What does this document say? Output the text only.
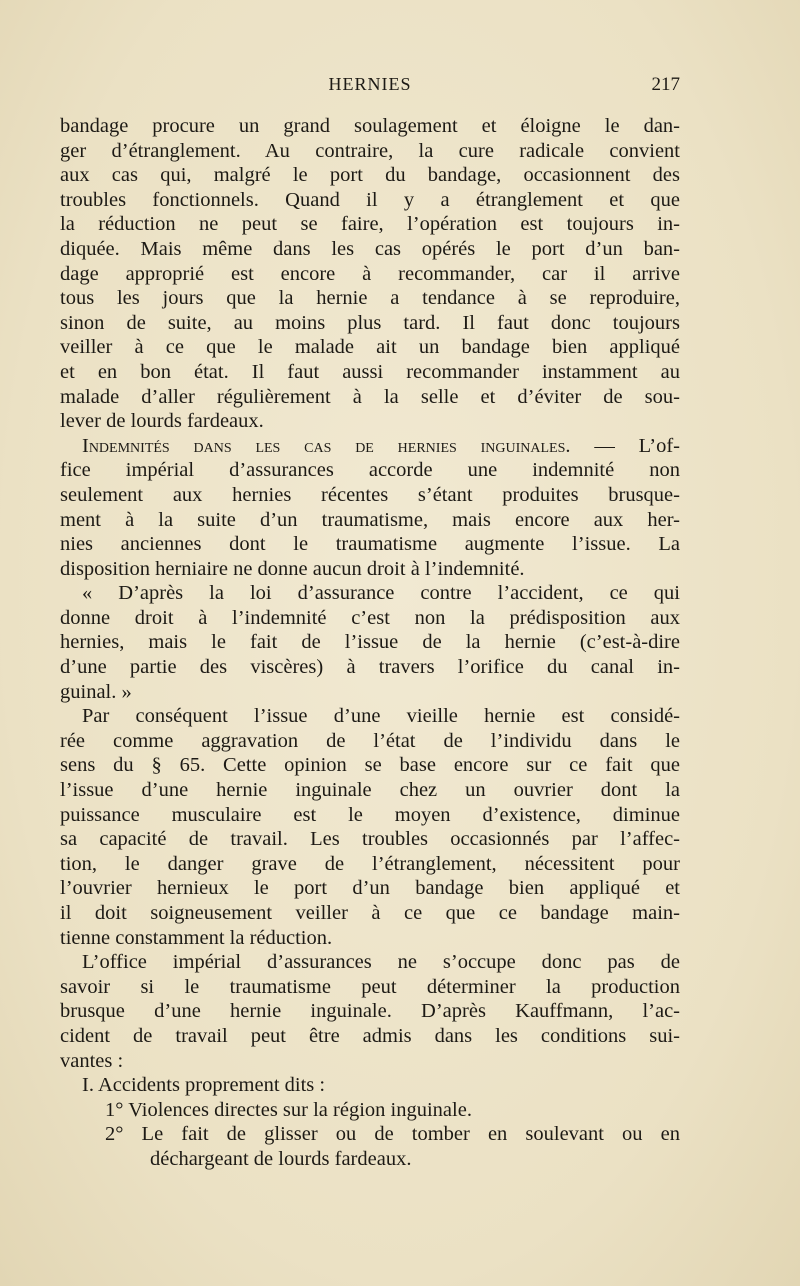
HERNIES	217
bandage procure un grand soulagement et éloigne le dan-
ger d’étranglement. Au contraire, la cure radicale convient
aux cas qui, malgré le port du bandage, occasionnent des
troubles fonctionnels. Quand il y a étranglement et que
la réduction ne peut se faire, l’opération est toujours in-
diquée. Mais même dans les cas opérés le port d’un ban-
dage approprié est encore à recommander, car il arrive
tous les jours que la hernie a tendance à se reproduire,
sinon de suite, au moins plus tard. Il faut donc toujours
veiller à ce que le malade ait un bandage bien appliqué
et en bon état. Il faut aussi recommander instamment au
malade d’aller régulièrement à la selle et d’éviter de sou-
lever de lourds fardeaux.
Indemnités dans les cas de hernies inguinales. — L’of-
fice impérial d’assurances accorde une indemnité non
seulement aux hernies récentes s’étant produites brusque-
ment à la suite d’un traumatisme, mais encore aux her-
nies anciennes dont le traumatisme augmente l’issue. La
disposition herniaire ne donne aucun droit à l’indemnité.
« D’après la loi d’assurance contre l’accident, ce qui
donne droit à l’indemnité c’est non la prédisposition aux
hernies, mais le fait de l’issue de la hernie (c’est-à-dire
d’une partie des viscères) à travers l’orifice du canal in-
guinal. »
Par conséquent l’issue d’une vieille hernie est considé-
rée comme aggravation de l’état de l’individu dans le
sens du § 65. Cette opinion se base encore sur ce fait que
l’issue d’une hernie inguinale chez un ouvrier dont la
puissance musculaire est le moyen d’existence, diminue
sa capacité de travail. Les troubles occasionnés par l’affec-
tion, le danger grave de l’étranglement, nécessitent pour
l’ouvrier hernieux le port d’un bandage bien appliqué et
il doit soigneusement veiller à ce que ce bandage main-
tienne constamment la réduction.
L’office impérial d’assurances ne s’occupe donc pas de
savoir si le traumatisme peut déterminer la production
brusque d’une hernie inguinale. D’après Kauffmann, l’ac-
cident de travail peut être admis dans les conditions sui-
vantes :
I. Accidents proprement dits :
1° Violences directes sur la région inguinale.
2° Le fait de glisser ou de tomber en soulevant ou en
déchargeant de lourds fardeaux.
